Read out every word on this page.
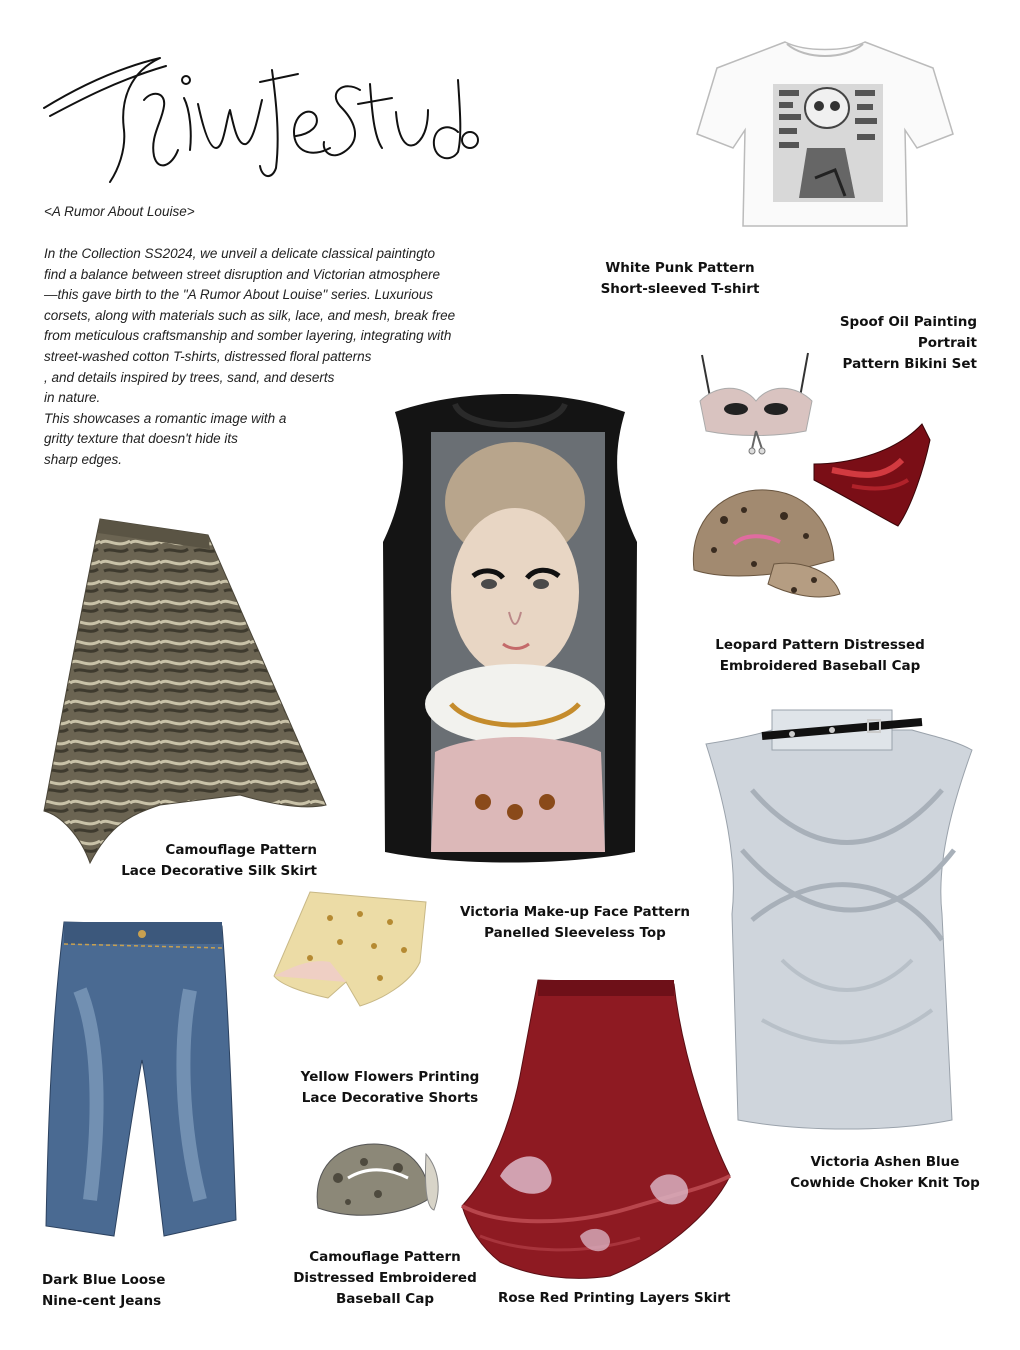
<A Rumor About Louise>
In the Collection SS2024, we unveil a delicate classical paintingto
find a balance between street disruption and Victorian atmosphere
—this gave birth to the "A Rumor About Louise" series. Luxurious
corsets, along with materials such as silk, lace, and mesh, break free
from meticulous craftsmanship and somber layering, integrating with
street-washed cotton T-shirts, distressed floral patterns
, and details inspired by trees, sand, and deserts
in nature.
This showcases a romantic image with a
gritty texture that doesn't hide its
sharp edges.
White Punk Pattern
Short-sleeved T-shirt
Spoof Oil Painting
Portrait
Pattern Bikini Set
Leopard Pattern Distressed
Embroidered Baseball Cap
Camouflage Pattern
Lace Decorative Silk Skirt
Victoria Make-up Face Pattern
Panelled Sleeveless Top
Victoria Ashen Blue
Cowhide Choker Knit Top
Yellow Flowers Printing
Lace Decorative Shorts
Dark Blue Loose
Nine-cent Jeans
Camouflage Pattern
Distressed Embroidered
Baseball Cap	Rose Red Printing Layers Skirt
